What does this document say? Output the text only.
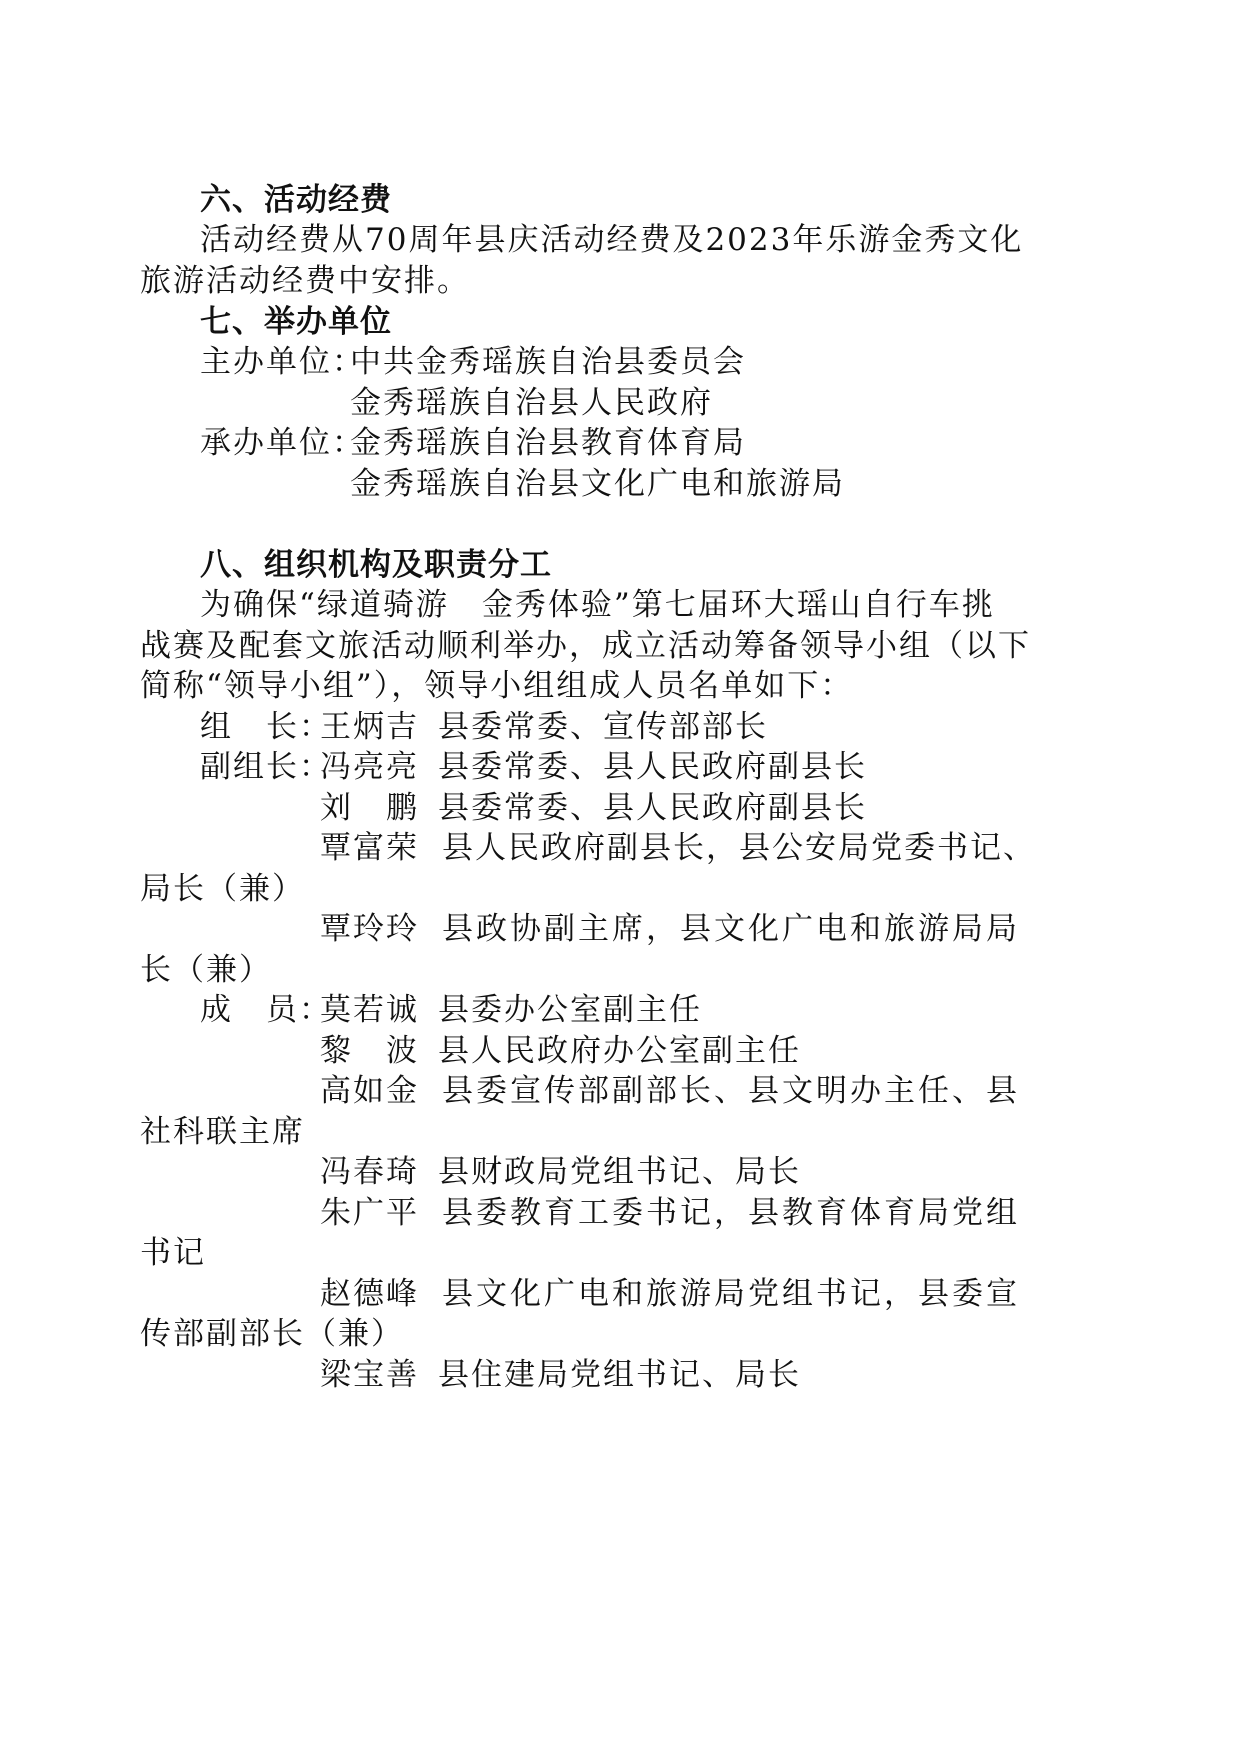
六、活动经费
活动经费从70周年县庆活动经费及2023年乐游金秀文化
旅游活动经费中安排。
七、举办单位
主办单位：
中共金秀瑶族自治县委员会
金秀瑶族自治县人民政府
承办单位：
金秀瑶族自治县教育体育局
金秀瑶族自治县文化广电和旅游局
八、组织机构及职责分工
为确保“绿道骑游　金秀体验”第七届环大瑶山自行车挑
战赛及配套文旅活动顺利举办，成立活动筹备领导小组（以下
简称“领导小组”），领导小组组成人员名单如下：
组　长：
王炳吉 县委常委、宣传部部长
副组长：
冯亮亮 县委常委、县人民政府副县长
刘　鹏 县委常委、县人民政府副县长
覃富荣 县人民政府副县长，县公安局党委书记、
局长（兼）
覃玲玲 县政协副主席，县文化广电和旅游局局
长（兼）
成　员：
莫若诚 县委办公室副主任
黎　波 县人民政府办公室副主任
高如金 县委宣传部副部长、县文明办主任、县
社科联主席
冯春琦 县财政局党组书记、局长
朱广平 县委教育工委书记，县教育体育局党组
书记
赵德峰 县文化广电和旅游局党组书记，县委宣
传部副部长（兼）
梁宝善 县住建局党组书记、局长
